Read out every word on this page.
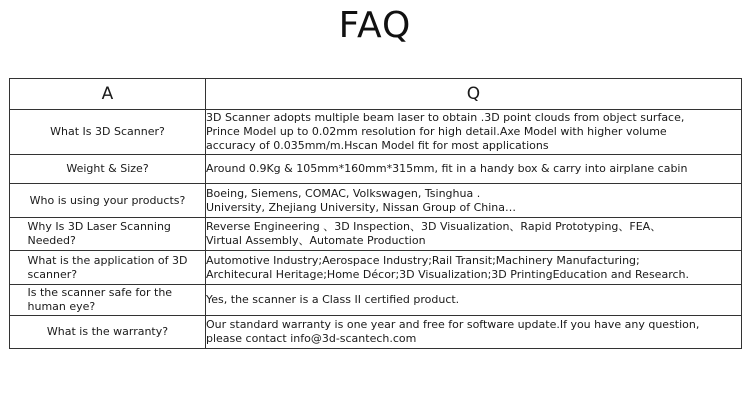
FAQ
A	Q

What Is 3D Scanner?	3D Scanner adopts multiple beam laser to obtain .3D point clouds from object surface,
Prince Model up to 0.02mm resolution for high detail.Axe Model with higher volume
accuracy of 0.035mm/m.Hscan Model fit for most applications

Weight & Size?	Around 0.9Kg & 105mm*160mm*315mm, fit in a handy box & carry into airplane cabin

Who is using your products?	Boeing, Siemens, COMAC, Volkswagen, Tsinghua .
University, Zhejiang University, Nissan Group of China…

Why Is 3D Laser Scanning Needed?	Reverse Engineering 、3D Inspection、3D Visualization、Rapid Prototyping、FEA、
Virtual Assembly、Automate Production

What is the application of 3D scanner?	Automotive Industry;Aerospace Industry;Rail Transit;Machinery Manufacturing;
Architecural Heritage;Home Décor;3D Visualization;3D PrintingEducation and Research.

Is the scanner safe for the human eye?	Yes, the scanner is a Class II certified product.

What is the warranty?	Our standard warranty is one year and free for software update.If you have any question,
please contact info@3d-scantech.com
